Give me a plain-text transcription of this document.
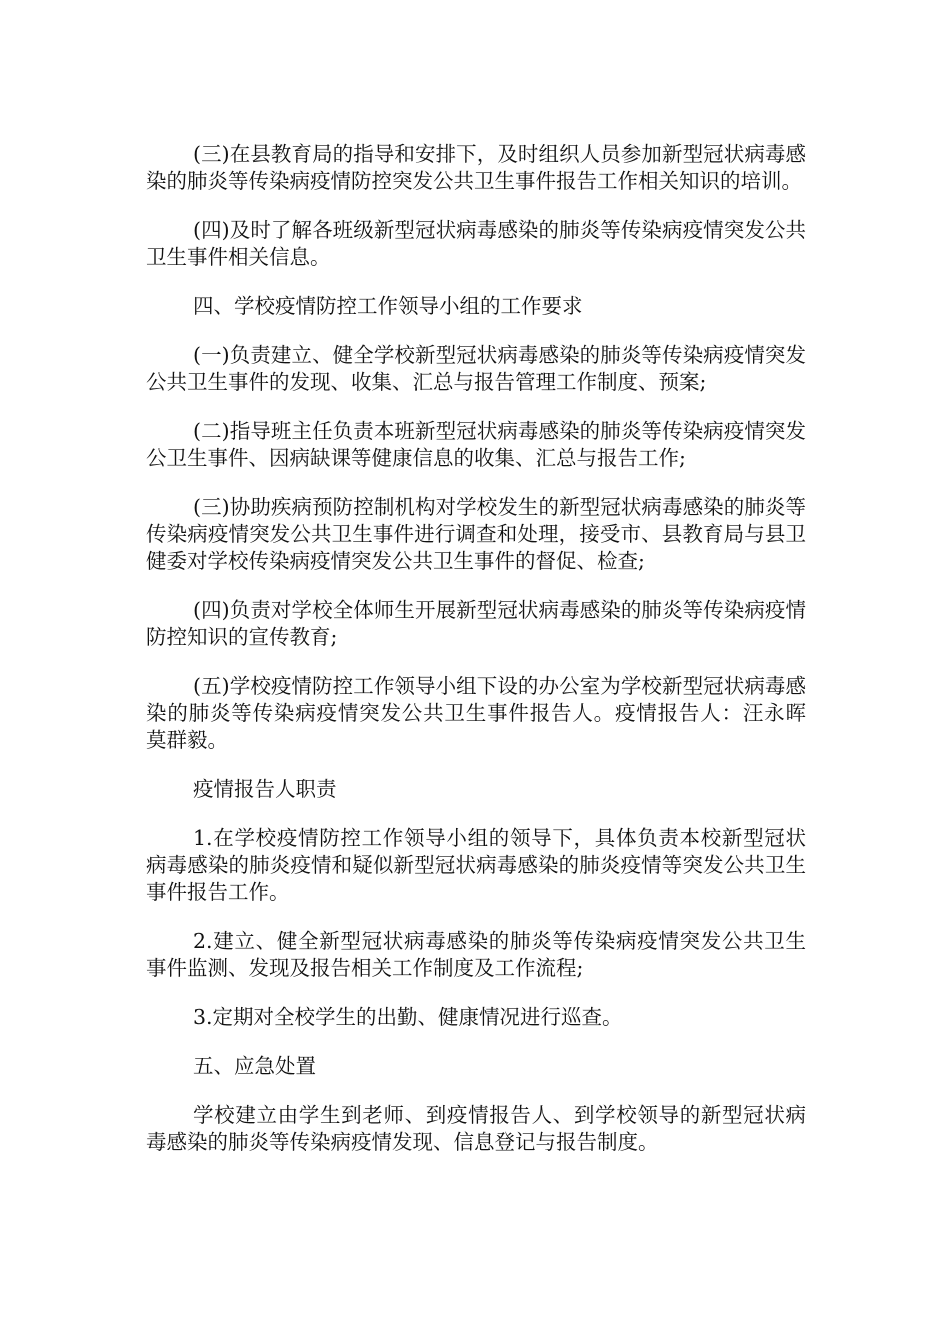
(三)在县教育局的指导和安排下，及时组织人员参加新型冠状病毒感染的肺炎等传染病疫情防控突发公共卫生事件报告工作相关知识的培训。

(四)及时了解各班级新型冠状病毒感染的肺炎等传染病疫情突发公共卫生事件相关信息。

四、学校疫情防控工作领导小组的工作要求

(一)负责建立、健全学校新型冠状病毒感染的肺炎等传染病疫情突发公共卫生事件的发现、收集、汇总与报告管理工作制度、预案;

(二)指导班主任负责本班新型冠状病毒感染的肺炎等传染病疫情突发公卫生事件、因病缺课等健康信息的收集、汇总与报告工作;

(三)协助疾病预防控制机构对学校发生的新型冠状病毒感染的肺炎等传染病疫情突发公共卫生事件进行调查和处理，接受市、县教育局与县卫健委对学校传染病疫情突发公共卫生事件的督促、检查;

(四)负责对学校全体师生开展新型冠状病毒感染的肺炎等传染病疫情防控知识的宣传教育;

(五)学校疫情防控工作领导小组下设的办公室为学校新型冠状病毒感染的肺炎等传染病疫情突发公共卫生事件报告人。疫情报告人：汪永晖 莫群毅。

疫情报告人职责

1.在学校疫情防控工作领导小组的领导下，具体负责本校新型冠状病毒感染的肺炎疫情和疑似新型冠状病毒感染的肺炎疫情等突发公共卫生事件报告工作。

2.建立、健全新型冠状病毒感染的肺炎等传染病疫情突发公共卫生事件监测、发现及报告相关工作制度及工作流程;

3.定期对全校学生的出勤、健康情况进行巡查。

五、应急处置

学校建立由学生到老师、到疫情报告人、到学校领导的新型冠状病毒感染的肺炎等传染病疫情发现、信息登记与报告制度。
